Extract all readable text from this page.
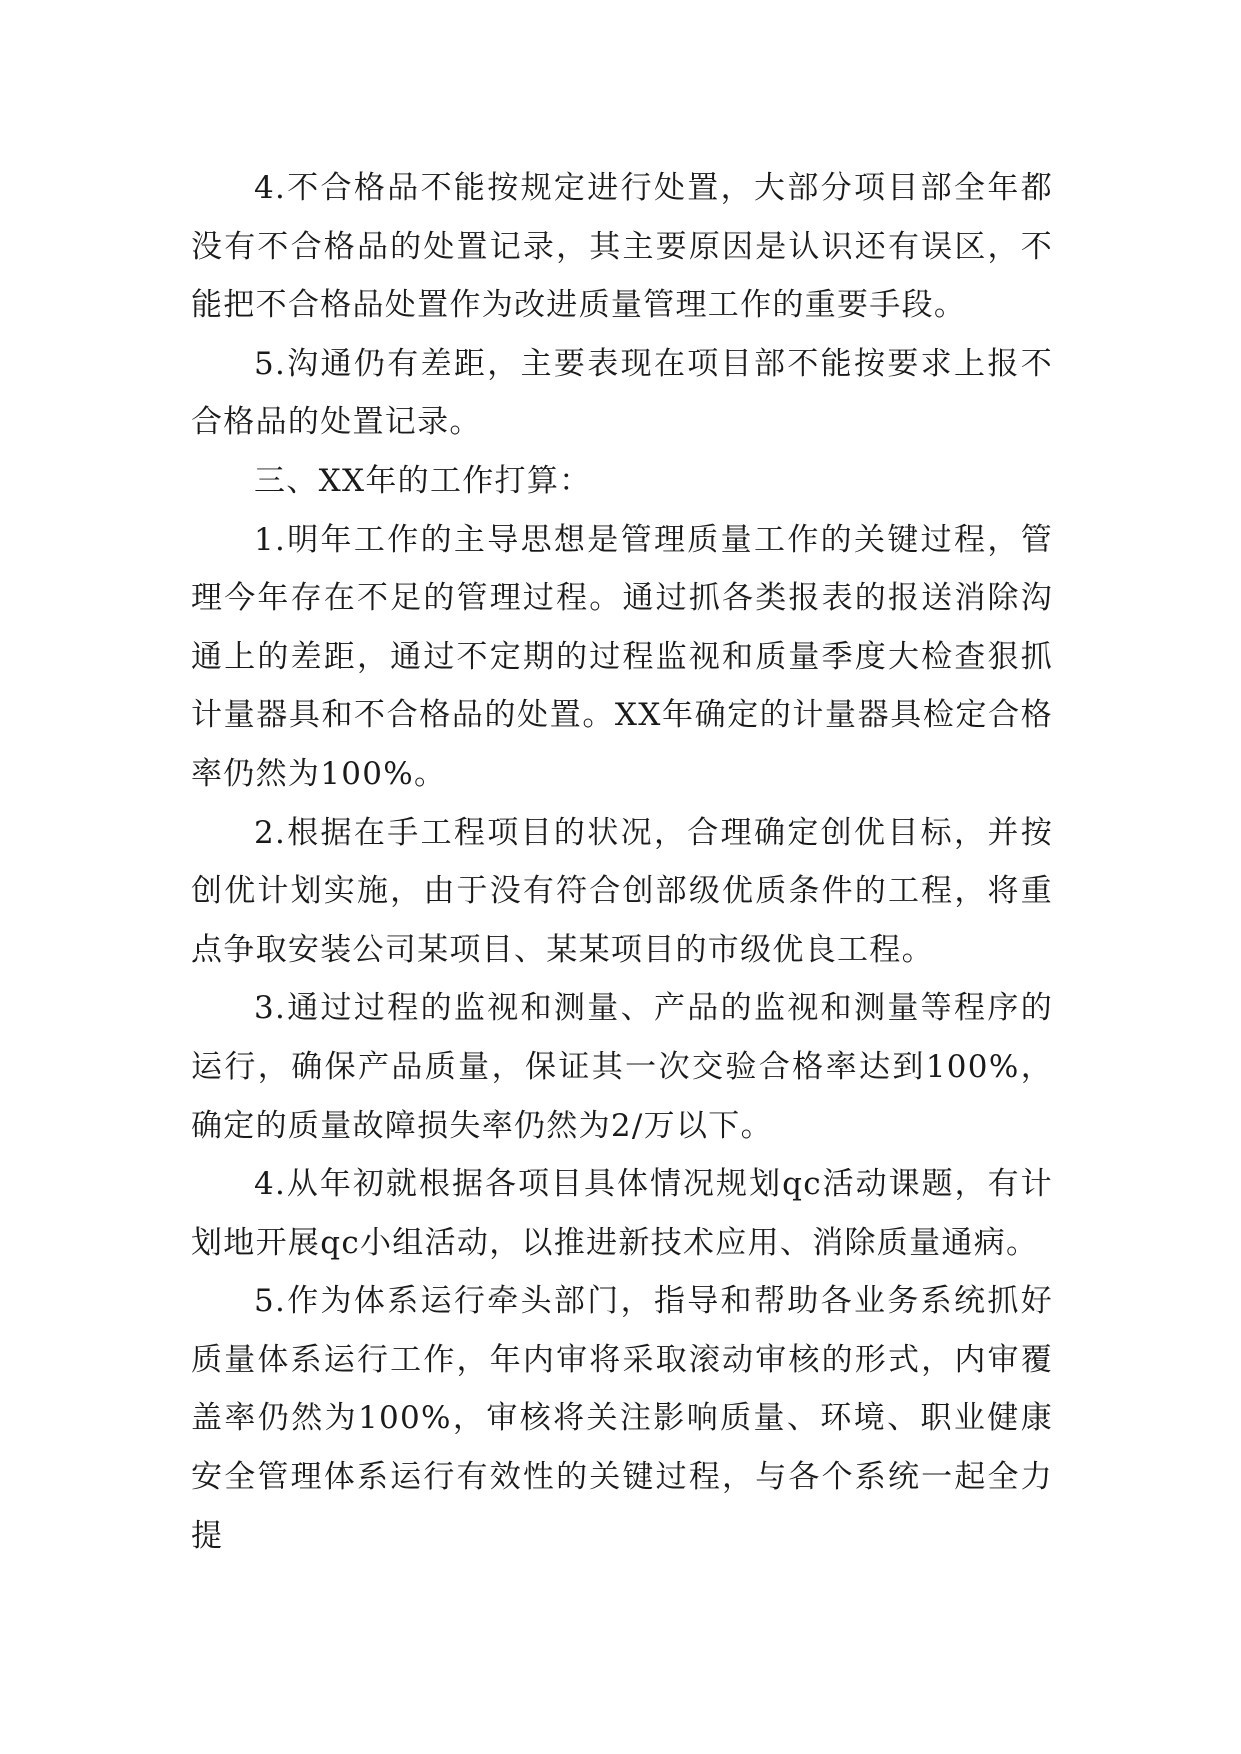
4.不合格品不能按规定进行处置，大部分项目部全年都没有不合格品的处置记录，其主要原因是认识还有误区，不能把不合格品处置作为改进质量管理工作的重要手段。

5.沟通仍有差距，主要表现在项目部不能按要求上报不合格品的处置记录。

三、XX年的工作打算：

1.明年工作的主导思想是管理质量工作的关键过程，管理今年存在不足的管理过程。通过抓各类报表的报送消除沟通上的差距，通过不定期的过程监视和质量季度大检查狠抓计量器具和不合格品的处置。XX年确定的计量器具检定合格率仍然为100%。

2.根据在手工程项目的状况，合理确定创优目标，并按创优计划实施，由于没有符合创部级优质条件的工程，将重点争取安装公司某项目、某某项目的市级优良工程。

3.通过过程的监视和测量、产品的监视和测量等程序的运行，确保产品质量，保证其一次交验合格率达到100%，确定的质量故障损失率仍然为2/万以下。

4.从年初就根据各项目具体情况规划qc活动课题，有计划地开展qc小组活动，以推进新技术应用、消除质量通病。

5.作为体系运行牵头部门，指导和帮助各业务系统抓好质量体系运行工作，年内审将采取滚动审核的形式，内审覆盖率仍然为100%，审核将关注影响质量、环境、职业健康安全管理体系运行有效性的关键过程，与各个系统一起全力提
